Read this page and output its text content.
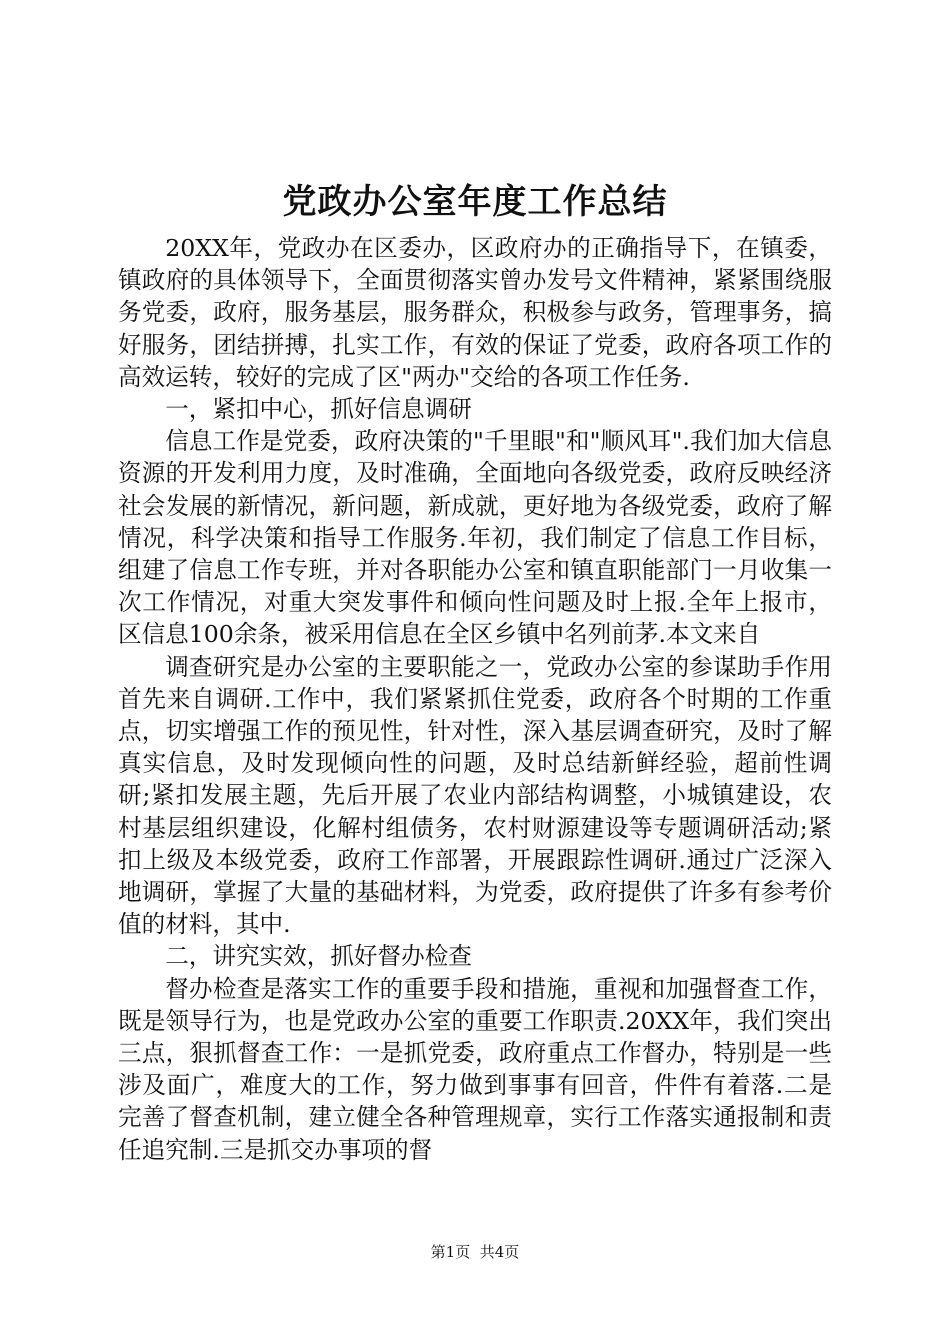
党政办公室年度工作总结

20XX年，党政办在区委办，区政府办的正确指导下，在镇委，镇政府的具体领导下，全面贯彻落实曾办发号文件精神，紧紧围绕服务党委，政府，服务基层，服务群众，积极参与政务，管理事务，搞好服务，团结拼搏，扎实工作，有效的保证了党委，政府各项工作的高效运转，较好的完成了区"两办"交给的各项工作任务.

一，紧扣中心，抓好信息调研

信息工作是党委，政府决策的"千里眼"和"顺风耳".我们加大信息资源的开发利用力度，及时准确，全面地向各级党委，政府反映经济社会发展的新情况，新问题，新成就，更好地为各级党委，政府了解情况，科学决策和指导工作服务.年初，我们制定了信息工作目标，组建了信息工作专班，并对各职能办公室和镇直职能部门一月收集一次工作情况，对重大突发事件和倾向性问题及时上报.全年上报市，区信息100余条，被采用信息在全区乡镇中名列前茅.本文来自

调查研究是办公室的主要职能之一，党政办公室的参谋助手作用首先来自调研.工作中，我们紧紧抓住党委，政府各个时期的工作重点，切实增强工作的预见性，针对性，深入基层调查研究，及时了解真实信息，及时发现倾向性的问题，及时总结新鲜经验，超前性调研;紧扣发展主题，先后开展了农业内部结构调整，小城镇建设，农村基层组织建设，化解村组债务，农村财源建设等专题调研活动;紧扣上级及本级党委，政府工作部署，开展跟踪性调研.通过广泛深入地调研，掌握了大量的基础材料，为党委，政府提供了许多有参考价值的材料，其中.

二，讲究实效，抓好督办检查

督办检查是落实工作的重要手段和措施，重视和加强督查工作，既是领导行为，也是党政办公室的重要工作职责.20XX年，我们突出三点，狠抓督查工作：一是抓党委，政府重点工作督办，特别是一些涉及面广，难度大的工作，努力做到事事有回音，件件有着落.二是完善了督查机制，建立健全各种管理规章，实行工作落实通报制和责任追究制.三是抓交办事项的督

第1页 共4页
